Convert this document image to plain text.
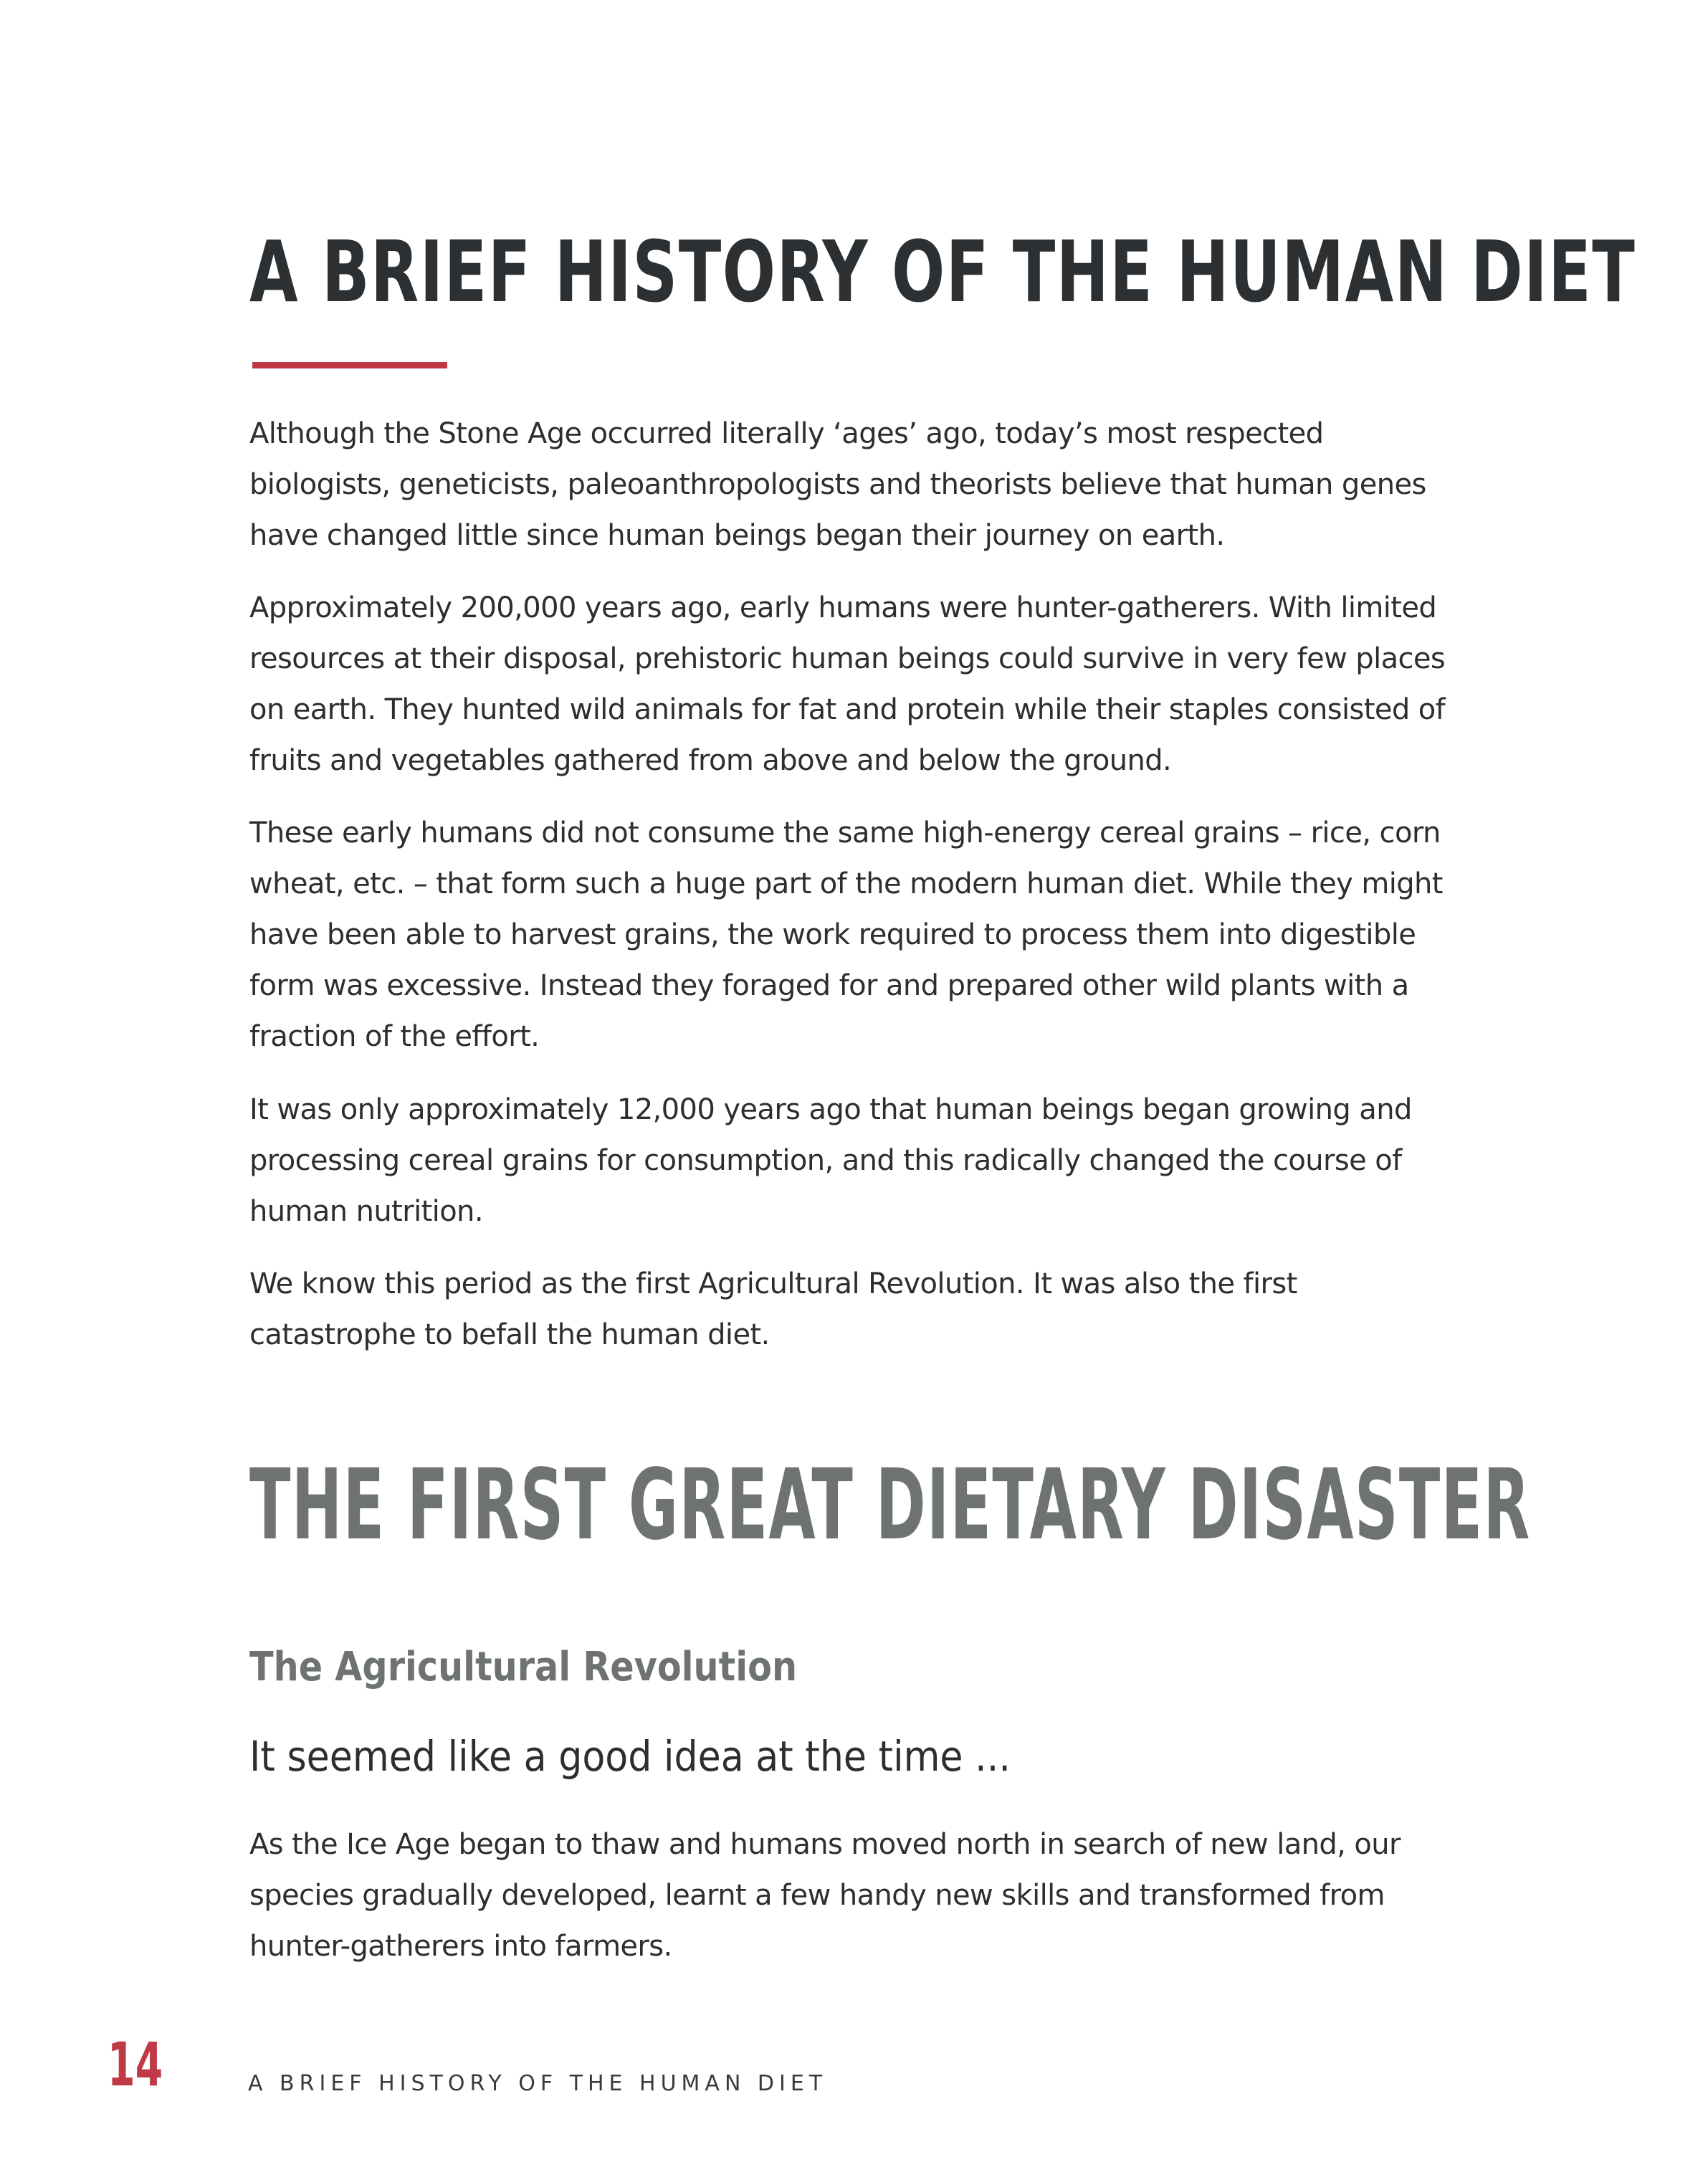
A BRIEF HISTORY OF THE HUMAN DIET

Although the Stone Age occurred literally ‘ages’ ago, today’s most respected biologists, geneticists, paleoanthropologists and theorists believe that human genes have changed little since human beings began their journey on earth.

Approximately 200,000 years ago, early humans were hunter-gatherers. With limited resources at their disposal, prehistoric human beings could survive in very few places on earth. They hunted wild animals for fat and protein while their staples consisted of fruits and vegetables gathered from above and below the ground.

These early humans did not consume the same high-energy cereal grains – rice, corn wheat, etc. – that form such a huge part of the modern human diet. While they might have been able to harvest grains, the work required to process them into digestible form was excessive. Instead they foraged for and prepared other wild plants with a fraction of the effort.

It was only approximately 12,000 years ago that human beings began growing and processing cereal grains for consumption, and this radically changed the course of human nutrition.

We know this period as the first Agricultural Revolution. It was also the first catastrophe to befall the human diet.

THE FIRST GREAT DIETARY DISASTER
The Agricultural Revolution

It seemed like a good idea at the time ...

As the Ice Age began to thaw and humans moved north in search of new land, our species gradually developed, learnt a few handy new skills and transformed from hunter-gatherers into farmers.

14	A BRIEF HISTORY OF THE HUMAN DIET
